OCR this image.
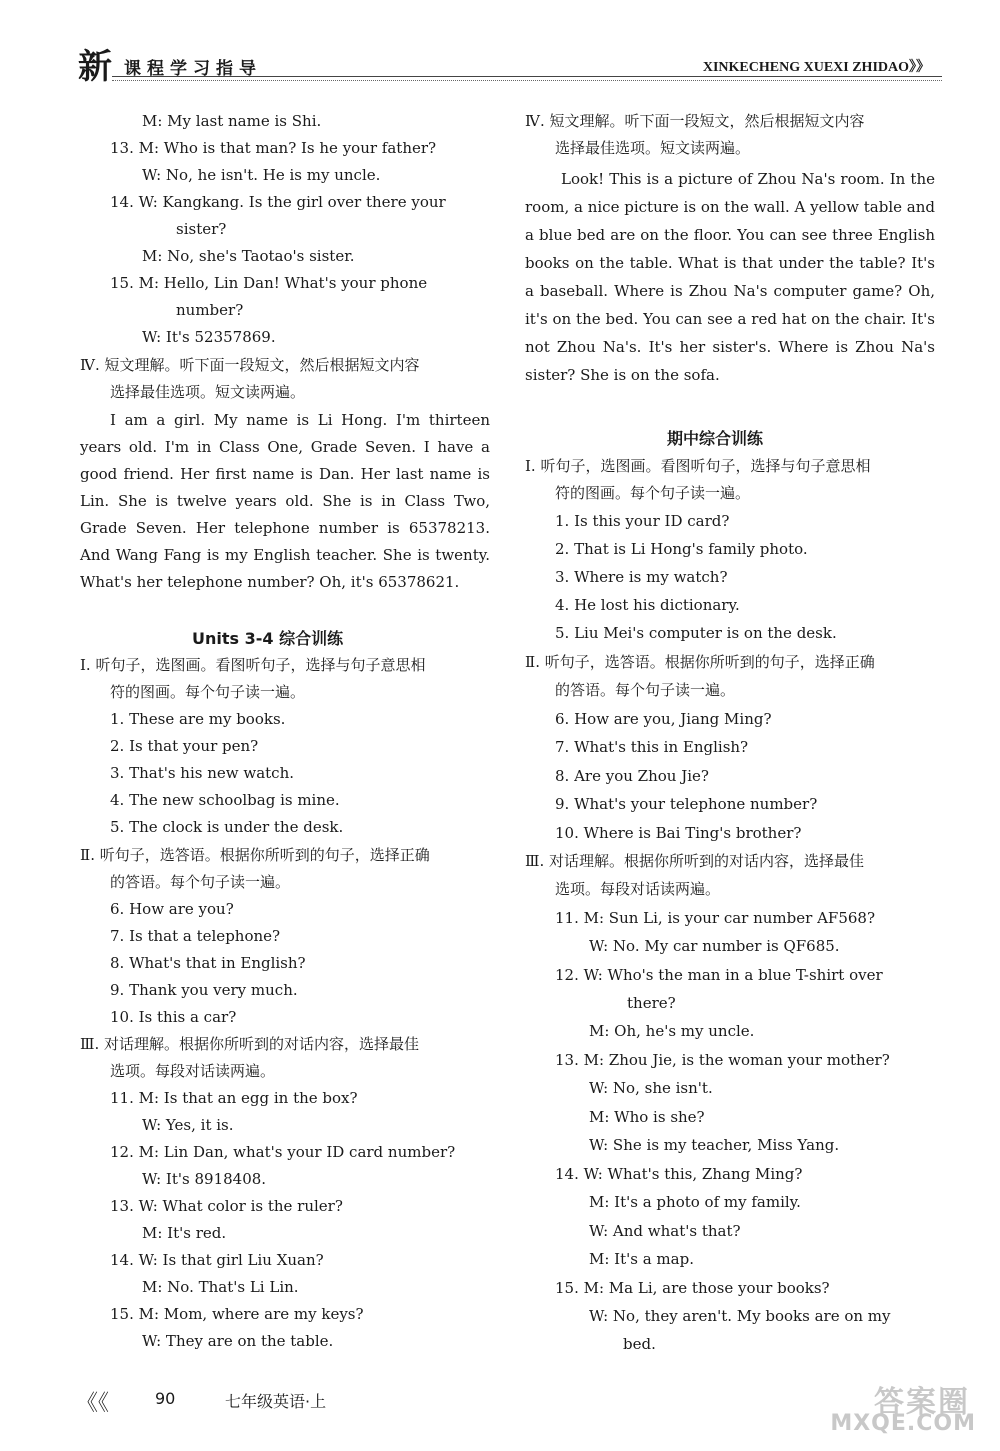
新 课程学习指导	XINKECHENG XUEXI ZHIDAO》》
M: My last name is Shi.
13. M: Who is that man? Is he your father?
W: No, he isn't. He is my uncle.
14. W: Kangkang. Is the girl over there your
sister?
M: No, she's Taotao's sister.
15. M: Hello, Lin Dan! What's your phone
number?
W: It's 52357869.
Ⅳ. 短文理解。听下面一段短文，然后根据短文内容
选择最佳选项。短文读两遍。
I am a girl. My name is Li Hong. I'm thirteen years old. I'm in Class One, Grade Seven. I have a good friend. Her first name is Dan. Her last name is Lin. She is twelve years old. She is in Class Two, Grade Seven. Her telephone number is 65378213. And Wang Fang is my English teacher. She is twenty. What's her telephone number? Oh, it's 65378621.
Units 3-4 综合训练
Ⅰ. 听句子，选图画。看图听句子，选择与句子意思相
符的图画。每个句子读一遍。
1. These are my books.
2. Is that your pen?
3. That's his new watch.
4. The new schoolbag is mine.
5. The clock is under the desk.
Ⅱ. 听句子，选答语。根据你所听到的句子，选择正确
的答语。每个句子读一遍。
6. How are you?
7. Is that a telephone?
8. What's that in English?
9. Thank you very much.
10. Is this a car?
Ⅲ. 对话理解。根据你所听到的对话内容，选择最佳
选项。每段对话读两遍。
11. M: Is that an egg in the box?
W: Yes, it is.
12. M: Lin Dan, what's your ID card number?
W: It's 8918408.
13. W: What color is the ruler?
M: It's red.
14. W: Is that girl Liu Xuan?
M: No. That's Li Lin.
15. M: Mom, where are my keys?
W: They are on the table.
Ⅳ. 短文理解。听下面一段短文，然后根据短文内容
选择最佳选项。短文读两遍。
Look! This is a picture of Zhou Na's room. In the room, a nice picture is on the wall. A yellow table and a blue bed are on the floor. You can see three English books on the table. What is that under the table? It's a baseball. Where is Zhou Na's computer game? Oh, it's on the bed. You can see a red hat on the chair. It's not Zhou Na's. It's her sister's. Where is Zhou Na's sister? She is on the sofa.
期中综合训练
Ⅰ. 听句子，选图画。看图听句子，选择与句子意思相
符的图画。每个句子读一遍。
1. Is this your ID card?
2. That is Li Hong's family photo.
3. Where is my watch?
4. He lost his dictionary.
5. Liu Mei's computer is on the desk.
Ⅱ. 听句子，选答语。根据你所听到的句子，选择正确
的答语。每个句子读一遍。
6. How are you, Jiang Ming?
7. What's this in English?
8. Are you Zhou Jie?
9. What's your telephone number?
10. Where is Bai Ting's brother?
Ⅲ. 对话理解。根据你所听到的对话内容，选择最佳
选项。每段对话读两遍。
11. M: Sun Li, is your car number AF568?
W: No. My car number is QF685.
12. W: Who's the man in a blue T-shirt over
there?
M: Oh, he's my uncle.
13. M: Zhou Jie, is the woman your mother?
W: No, she isn't.
M: Who is she?
W: She is my teacher, Miss Yang.
14. W: What's this, Zhang Ming?
M: It's a photo of my family.
W: And what's that?
M: It's a map.
15. M: Ma Li, are those your books?
W: No, they aren't. My books are on my
bed.
《《	90	七年级英语·上	答案圈
MXQE.COM
